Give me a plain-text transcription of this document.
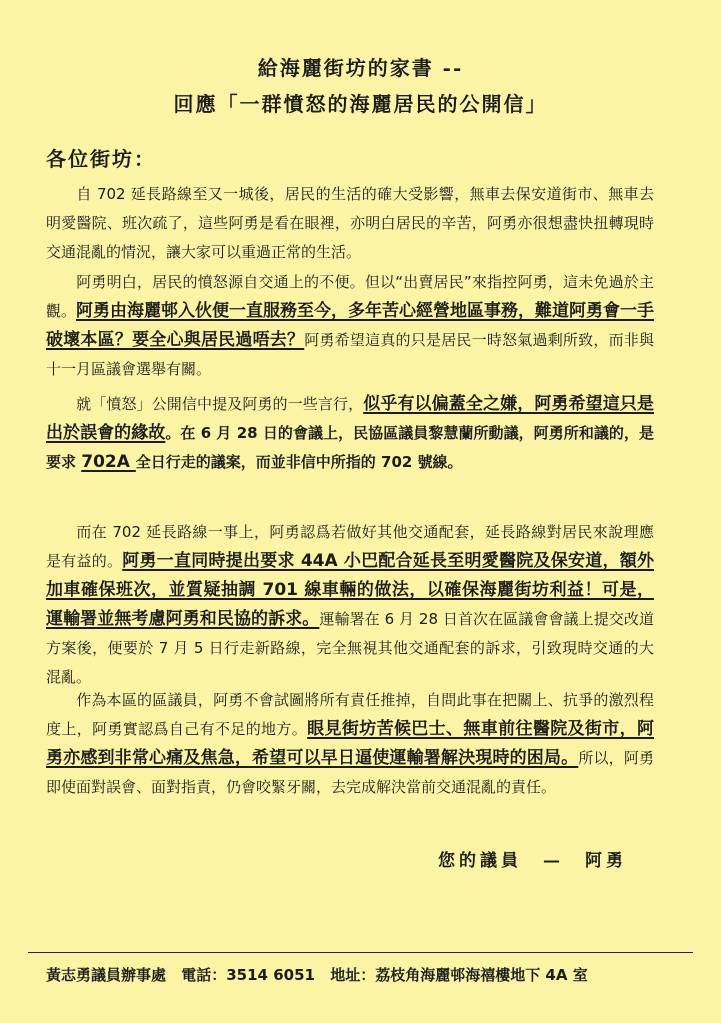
給海麗街坊的家書 --
回應「一群憤怒的海麗居民的公開信」
各位街坊：
自 702 延長路線至又一城後，居民的生活的確大受影響，無車去保安道街市、無車去明愛醫院、班次疏了，這些阿勇是看在眼裡，亦明白居民的辛苦，阿勇亦很想盡快扭轉現時交通混亂的情況，讓大家可以重過正常的生活。
阿勇明白，居民的憤怒源自交通上的不便。但以“出賣居民”來指控阿勇，這未免過於主觀。阿勇由海麗邨入伙便一直服務至今，多年苦心經營地區事務，難道阿勇會一手破壞本區？要全心與居民過唔去？阿勇希望這真的只是居民一時怒氣過剩所致，而非與十一月區議會選舉有關。
就「憤怒」公開信中提及阿勇的一些言行，似乎有以偏蓋全之嫌，阿勇希望這只是出於誤會的緣故。在 6 月 28 日的會議上，民協區議員黎慧蘭所動議，阿勇所和議的，是要求 702A 全日行走的議案，而並非信中所指的 702 號線。
而在 702 延長路線一事上，阿勇認爲若做好其他交通配套，延長路線對居民來說理應是有益的。阿勇一直同時提出要求 44A 小巴配合延長至明愛醫院及保安道，額外加車確保班次，並質疑抽調 701 線車輛的做法，以確保海麗街坊利益！可是，運輸署並無考慮阿勇和民協的訴求。運輸署在 6 月 28 日首次在區議會會議上提交改道方案後，便要於 7 月 5 日行走新路線，完全無視其他交通配套的訴求，引致現時交通的大混亂。
作為本區的區議員，阿勇不會試圖將所有責任推掉，自問此事在把關上、抗爭的激烈程度上，阿勇實認爲自己有不足的地方。眼見街坊苦候巴士、無車前往醫院及街市，阿勇亦感到非常心痛及焦急，希望可以早日逼使運輸署解決現時的困局。所以，阿勇即使面對誤會、面對指責，仍會咬緊牙關，去完成解決當前交通混亂的責任。
您的議員　—　阿勇
黃志勇議員辦事處 電話：3514 6051 地址：荔枝角海麗邨海禧樓地下 4A 室
